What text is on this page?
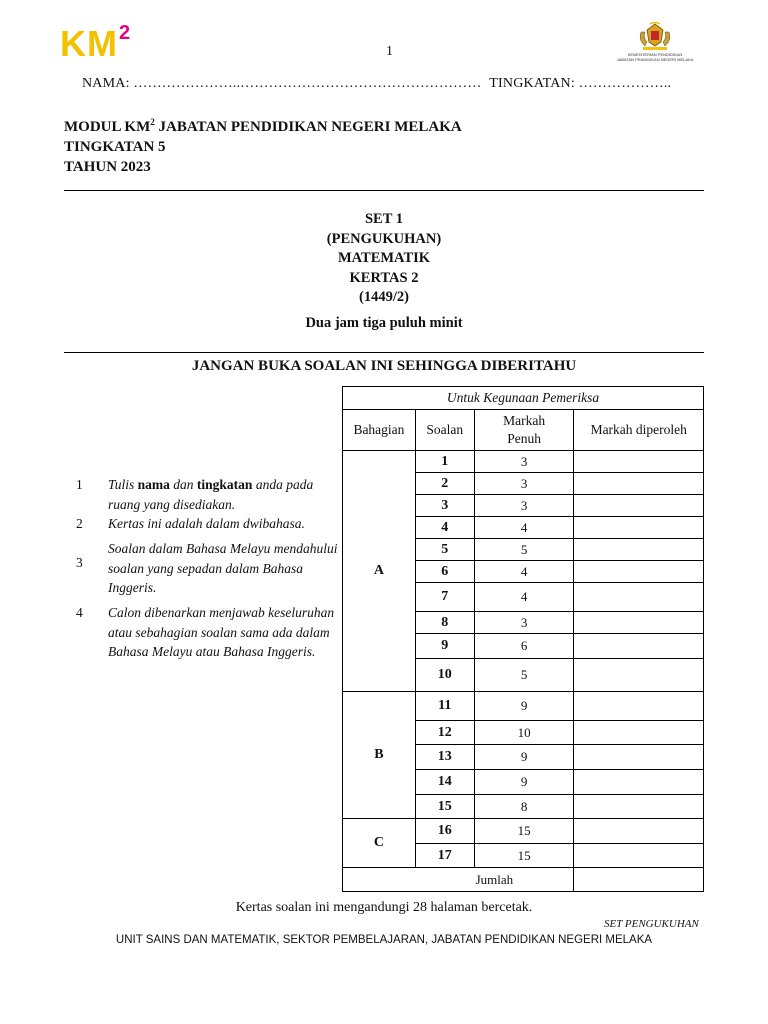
$KM^2$
1	KEMENTERIAN PENDIDIKAN
JABATAN PENDIDIKAN NEGERI MELAKA
NAMA: …………………..…………………………………………… TINGKATAN: ………………..
MODUL $KM^2$ JABATAN PENDIDIKAN NEGERI MELAKA
TINGKATAN 5
TAHUN 2023
SET 1
(PENGUKUHAN)
MATEMATIK
KERTAS 2
(1449/2)
Dua jam tiga puluh minit
JANGAN BUKA SOALAN INI SEHINGGA DIBERITAHU
1 Tulis nama dan tingkatan anda pada ruang yang disediakan.
2 Kertas ini adalah dalam dwibahasa.
3
Soalan dalam Bahasa Melayu mendahului soalan yang sepadan dalam Bahasa Inggeris.
4 Calon dibenarkan menjawab keseluruhan atau sebahagian soalan sama ada dalam Bahasa Melayu atau Bahasa Inggeris.
Untuk Kegunaan Pemeriksa			
Bahagian	Soalan	Markah Penuh	Markah diperoleh
A	1	3	
	2	3	
	3	3	
	4	4	
	5	5	
	6	4	
	7	4	
	8	3	
	9	6	
	10	5	
B	11	9	
	12	10	
	13	9	
	14	9	
	15	8	
C	16	15	
	17	15	
	Jumlah		
Kertas soalan ini mengandungi 28 halaman bercetak.
SET PENGUKUHAN
UNIT SAINS DAN MATEMATIK, SEKTOR PEMBELAJARAN, JABATAN PENDIDIKAN NEGERI MELAKA
